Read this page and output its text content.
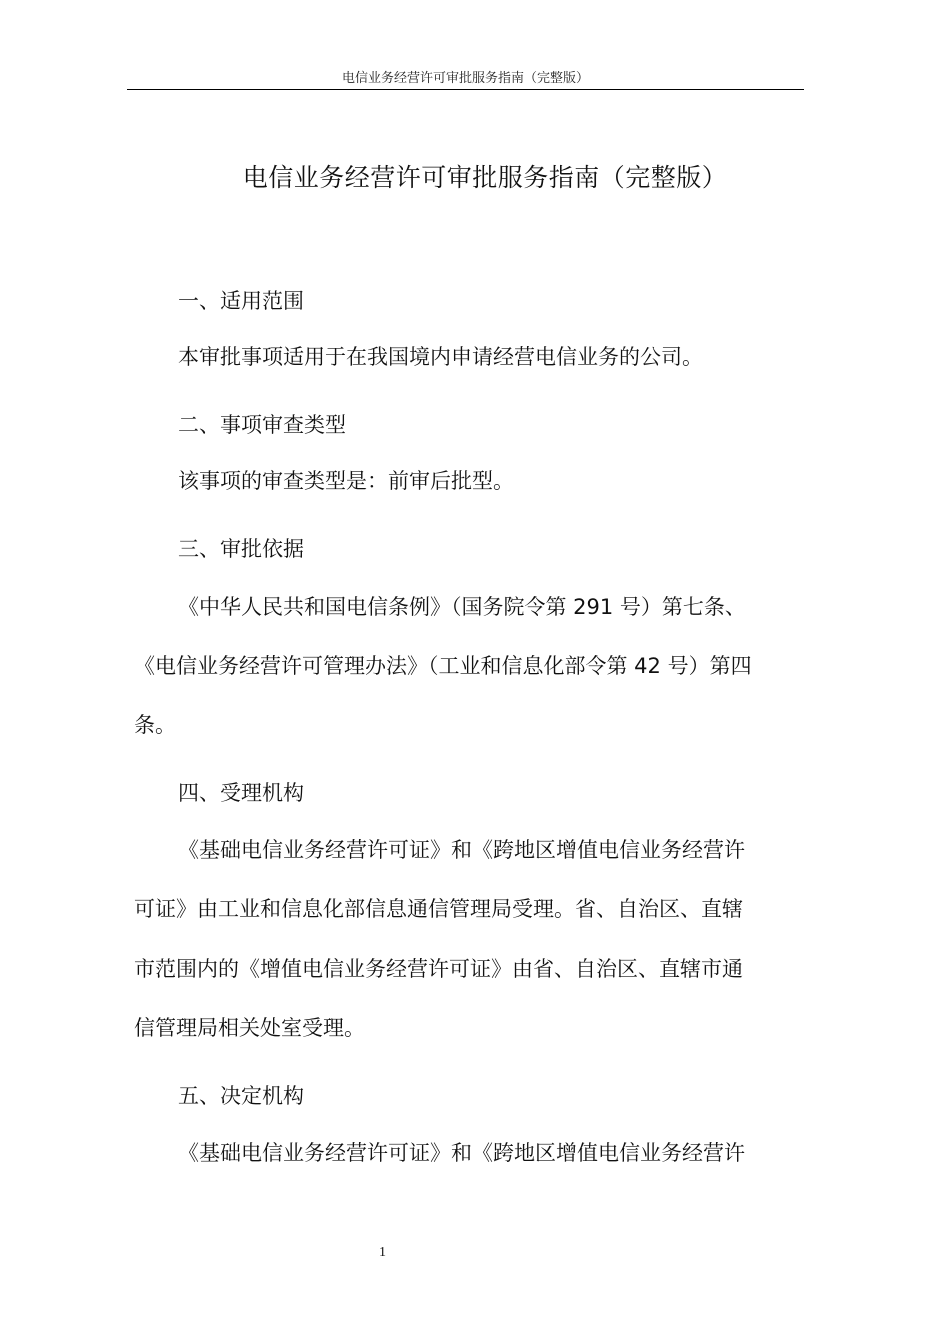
电信业务经营许可审批服务指南（完整版）
电信业务经营许可审批服务指南（完整版）
一、适用范围
本审批事项适用于在我国境内申请经营电信业务的公司。
二、事项审查类型
该事项的审查类型是：前审后批型。
三、审批依据
《中华人民共和国电信条例》（国务院令第 291 号）第七条、
《电信业务经营许可管理办法》（工业和信息化部令第 42 号）第四
条。
四、受理机构
《基础电信业务经营许可证》和《跨地区增值电信业务经营许
可证》由工业和信息化部信息通信管理局受理。省、自治区、直辖
市范围内的《增值电信业务经营许可证》由省、自治区、直辖市通
信管理局相关处室受理。
五、决定机构
《基础电信业务经营许可证》和《跨地区增值电信业务经营许
1
